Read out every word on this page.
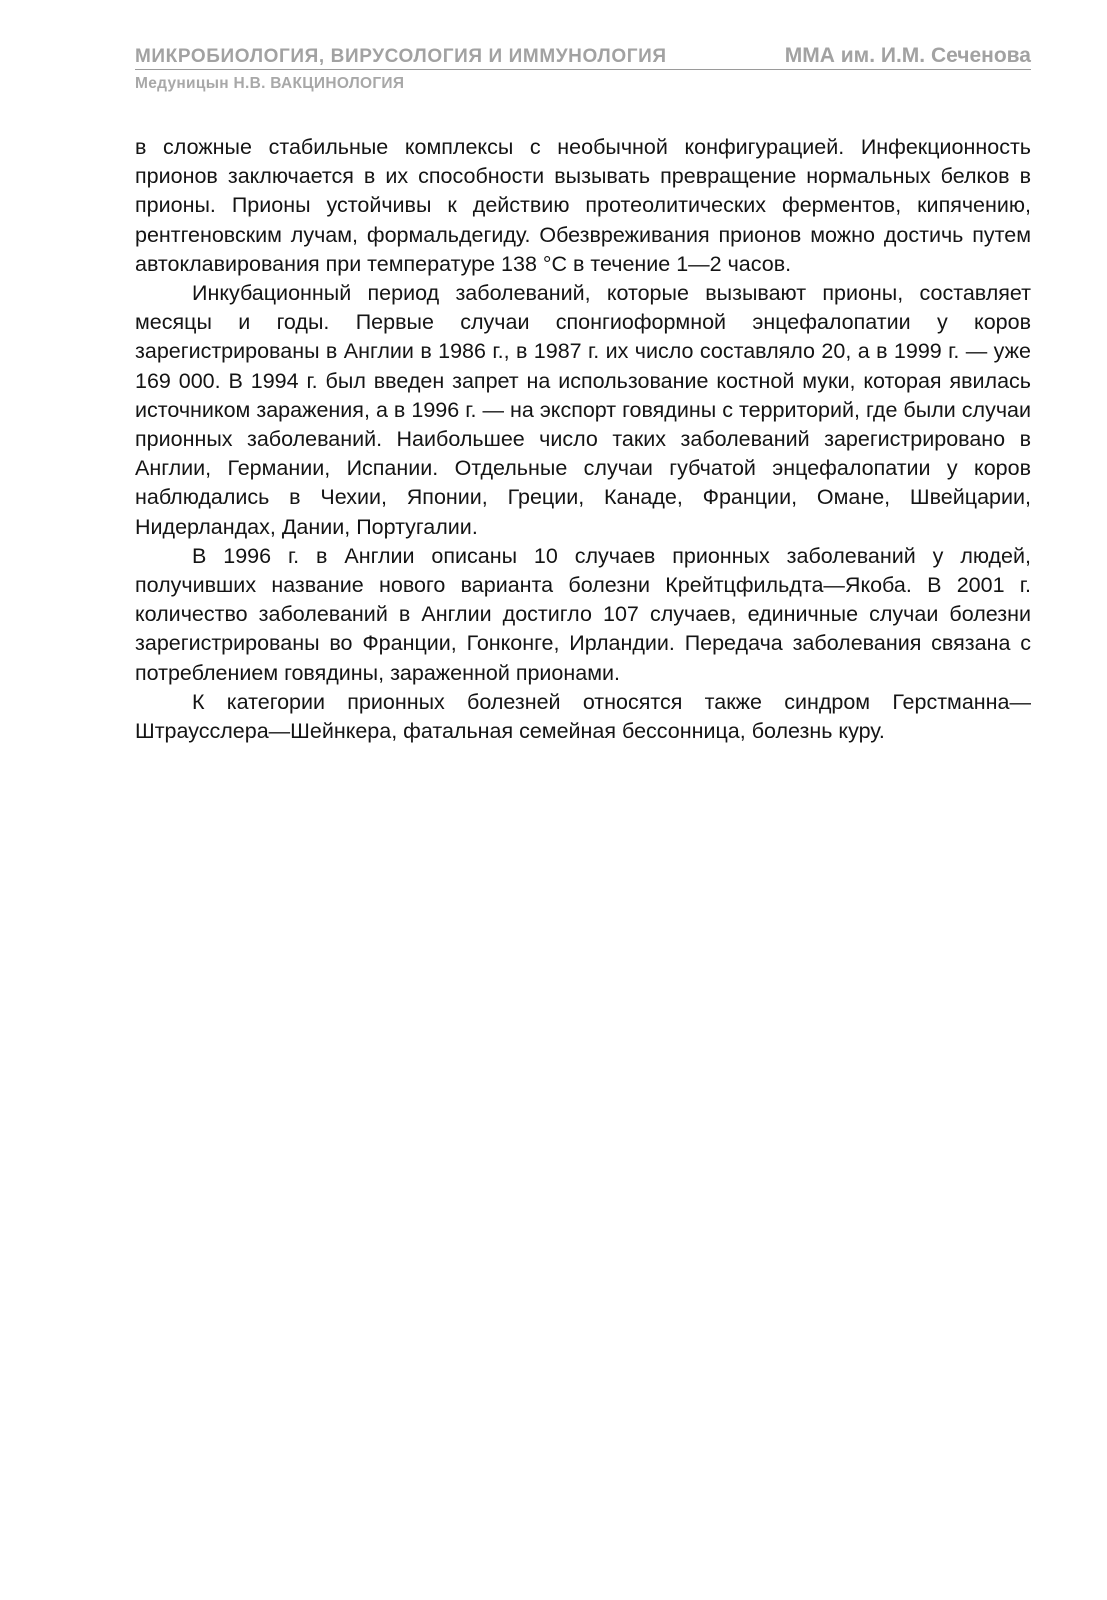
МИКРОБИОЛОГИЯ, ВИРУСОЛОГИЯ И ИММУНОЛОГИЯ	ММА им. И.М. Сеченова
Медуницын Н.В. ВАКЦИНОЛОГИЯ

в сложные стабильные комплексы с необычной конфигурацией. Инфекционность прионов заключается в их способности вызывать превращение нормальных белков в прионы. Прионы устойчивы к действию протеолитических ферментов, кипячению, рентгеновским лучам, формальдегиду. Обезвреживания прионов можно достичь путем автоклавирования при температуре 138 °С в течение 1—2 часов.

Инкубационный период заболеваний, которые вызывают прионы, составляет месяцы и годы. Первые случаи спонгиоформной энцефалопатии у коров зарегистрированы в Англии в 1986 г., в 1987 г. их число составляло 20, а в 1999 г. — уже 169 000. В 1994 г. был введен запрет на использование костной муки, которая явилась источником заражения, а в 1996 г. — на экспорт говядины с территорий, где были случаи прионных заболеваний. Наибольшее число таких заболеваний зарегистрировано в Англии, Германии, Испании. Отдельные случаи губчатой энцефалопатии у коров наблюдались в Чехии, Японии, Греции, Канаде, Франции, Омане, Швейцарии, Нидерландах, Дании, Португалии.

В 1996 г. в Англии описаны 10 случаев прионных заболеваний у людей, получивших название нового варианта болезни Крейтцфильдта—Якоба. В 2001 г. количество заболеваний в Англии достигло 107 случаев, единичные случаи болезни зарегистрированы во Франции, Гонконге, Ирландии. Передача заболевания связана с потреблением говядины, зараженной прионами.

К категории прионных болезней относятся также синдром Герстманна—Штраусслера—Шейнкера, фатальная семейная бессонница, болезнь куру.
